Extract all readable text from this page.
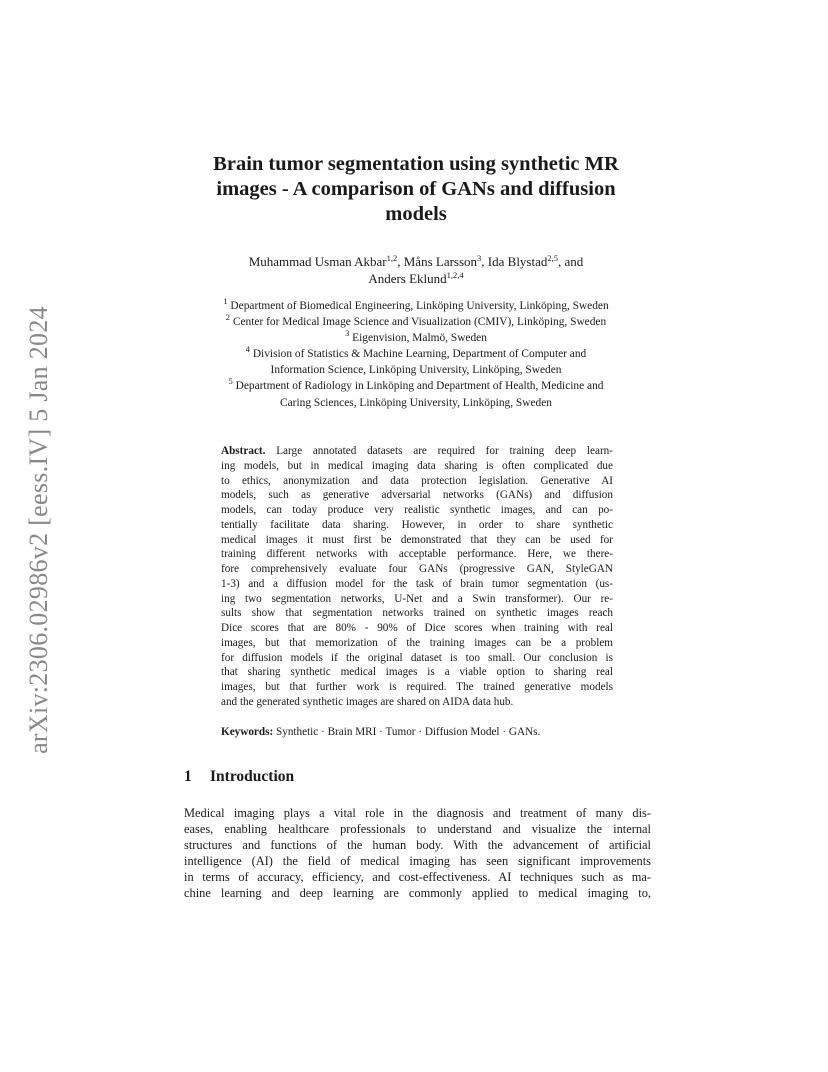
arXiv:2306.02986v2 [eess.IV] 5 Jan 2024
Brain tumor segmentation using synthetic MR
images - A comparison of GANs and diffusion
models
Muhammad Usman Akbar$^{1,2}$, Måns Larsson$^3$, Ida Blystad$^{2,5}$, and
Anders Eklund$^{1,2,4}$
$^1$ Department of Biomedical Engineering, Linköping University, Linköping, Sweden
$^2$ Center for Medical Image Science and Visualization (CMIV), Linköping, Sweden
$^3$ Eigenvision, Malmö, Sweden
$^4$ Division of Statistics & Machine Learning, Department of Computer and
Information Science, Linköping University, Linköping, Sweden
$^5$ Department of Radiology in Linköping and Department of Health, Medicine and
Caring Sciences, Linköping University, Linköping, Sweden
Abstract. Large annotated datasets are required for training deep learn-
ing models, but in medical imaging data sharing is often complicated due
to ethics, anonymization and data protection legislation. Generative AI
models, such as generative adversarial networks (GANs) and diffusion
models, can today produce very realistic synthetic images, and can po-
tentially facilitate data sharing. However, in order to share synthetic
medical images it must first be demonstrated that they can be used for
training different networks with acceptable performance. Here, we there-
fore comprehensively evaluate four GANs (progressive GAN, StyleGAN
1-3) and a diffusion model for the task of brain tumor segmentation (us-
ing two segmentation networks, U-Net and a Swin transformer). Our re-
sults show that segmentation networks trained on synthetic images reach
Dice scores that are 80% - 90% of Dice scores when training with real
images, but that memorization of the training images can be a problem
for diffusion models if the original dataset is too small. Our conclusion is
that sharing synthetic medical images is a viable option to sharing real
images, but that further work is required. The trained generative models
and the generated synthetic images are shared on AIDA data hub.
Keywords: Synthetic · Brain MRI · Tumor · Diffusion Model · GANs.
1 Introduction
Medical imaging plays a vital role in the diagnosis and treatment of many dis-
eases, enabling healthcare professionals to understand and visualize the internal
structures and functions of the human body. With the advancement of artificial
intelligence (AI) the field of medical imaging has seen significant improvements
in terms of accuracy, efficiency, and cost-effectiveness. AI techniques such as ma-
chine learning and deep learning are commonly applied to medical imaging to,
